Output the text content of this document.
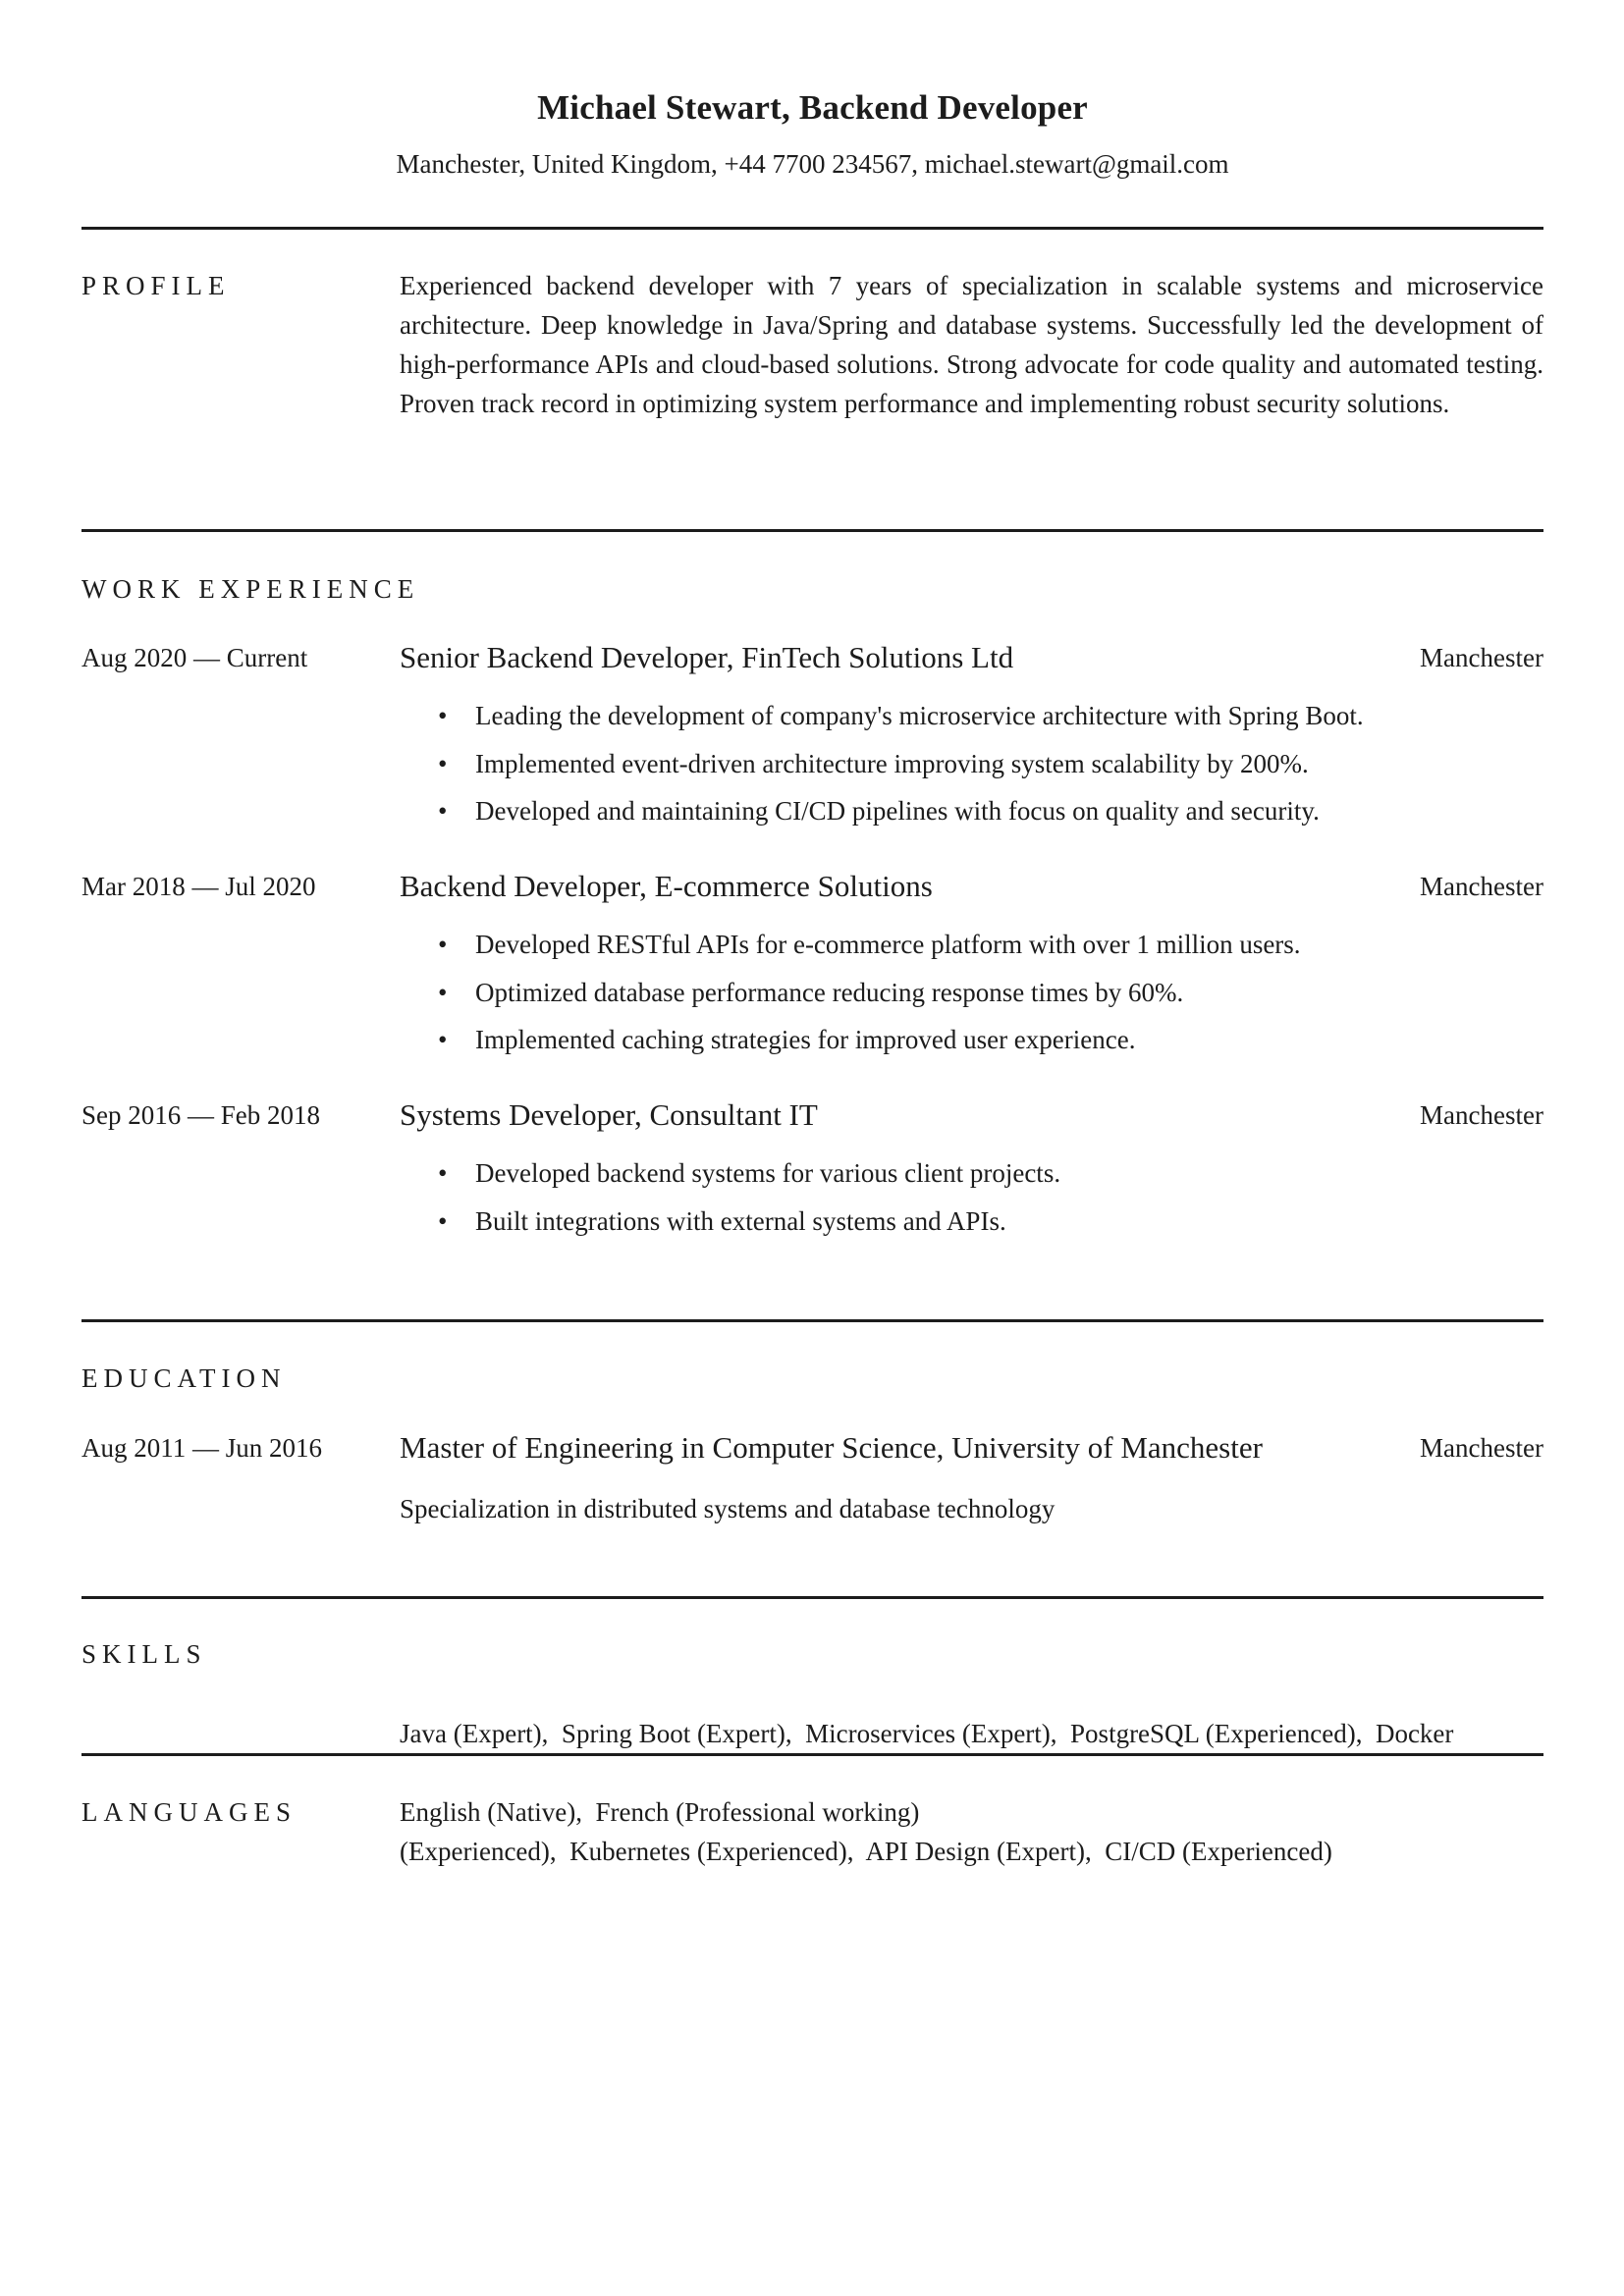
Michael Stewart, Backend Developer
Manchester, United Kingdom, +44 7700 234567, michael.stewart@gmail.com
PROFILE	Experienced backend developer with 7 years of specialization in scalable systems and microservice architecture. Deep knowledge in Java/Spring and database systems. Successfully led the development of high-performance APIs and cloud-based solutions. Strong advocate for code quality and automated testing. Proven track record in optimizing system performance and implementing robust security solutions.
WORK EXPERIENCE
Aug 2020 — Current	Senior Backend Developer, FinTech Solutions Ltd	Manchester
• Leading the development of company's microservice architecture with Spring Boot.
• Implemented event-driven architecture improving system scalability by 200%.
• Developed and maintaining CI/CD pipelines with focus on quality and security.
Mar 2018 — Jul 2020	Backend Developer, E-commerce Solutions	Manchester
• Developed RESTful APIs for e-commerce platform with over 1 million users.
• Optimized database performance reducing response times by 60%.
• Implemented caching strategies for improved user experience.
Sep 2016 — Feb 2018	Systems Developer, Consultant IT	Manchester
• Developed backend systems for various client projects.
• Built integrations with external systems and APIs.
EDUCATION
Aug 2011 — Jun 2016	Master of Engineering in Computer Science, University of Manchester	Manchester
Specialization in distributed systems and database technology
SKILLS

Java (Expert),  Spring Boot (Expert),  Microservices (Expert),  PostgreSQL (Experienced),  Docker

(Experienced),  Kubernetes (Experienced),  API Design (Expert),  CI/CD (Experienced)

LANGUAGES	English (Native),  French (Professional working)
